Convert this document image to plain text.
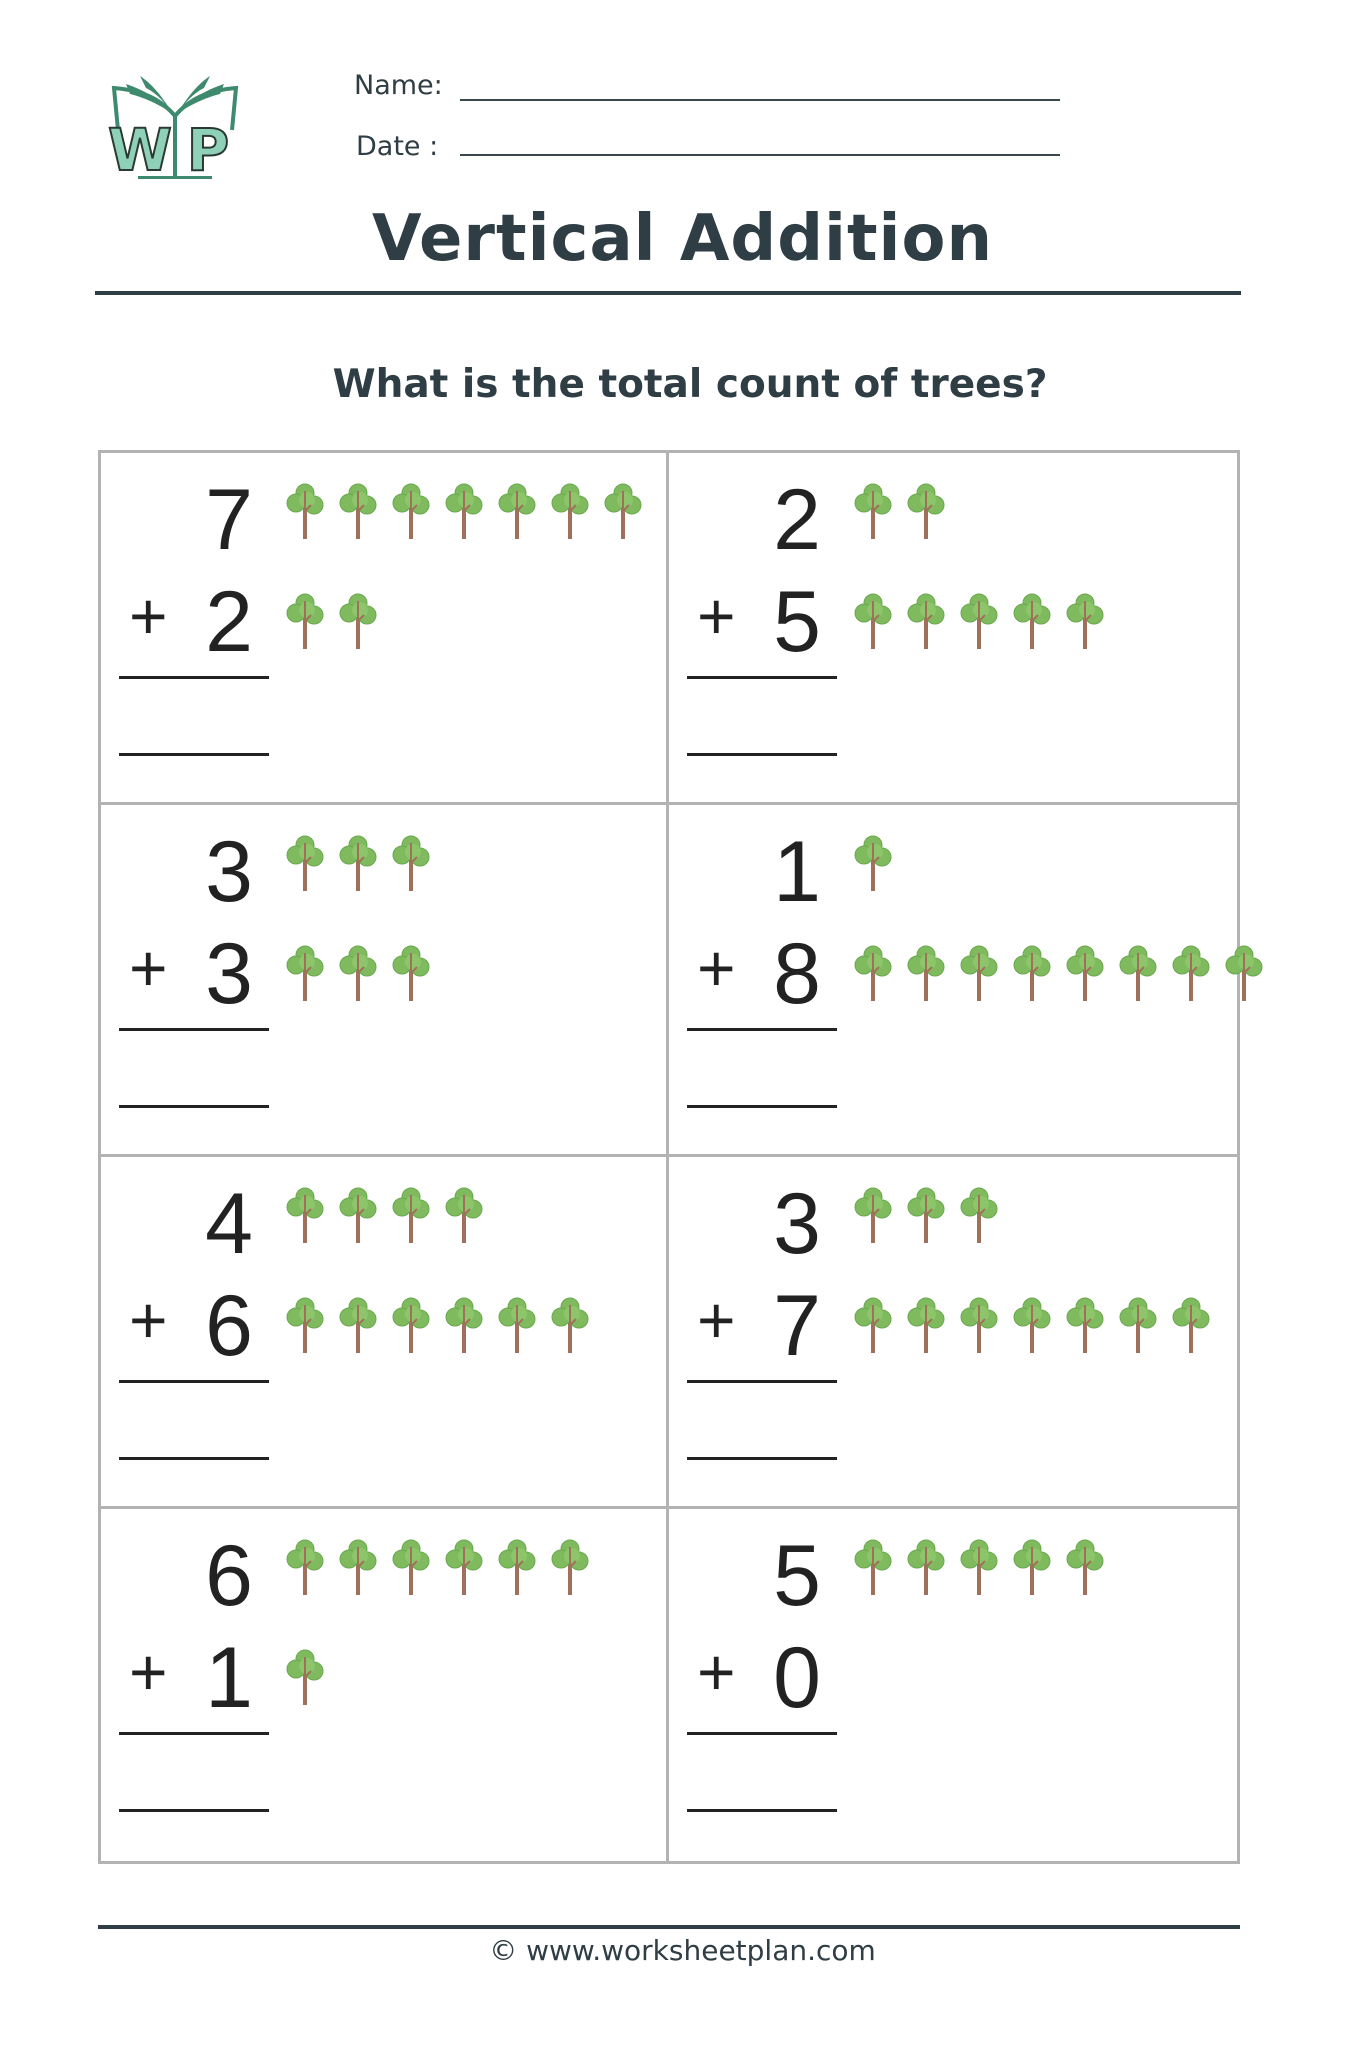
W P
Name:
Date :
Vertical Addition
What is the total count of trees?
7
+ 2
2
+ 5
3
+ 3
1
+ 8
4
+ 6
3
+ 7
6
+ 1
5
+ 0
© www.worksheetplan.com
